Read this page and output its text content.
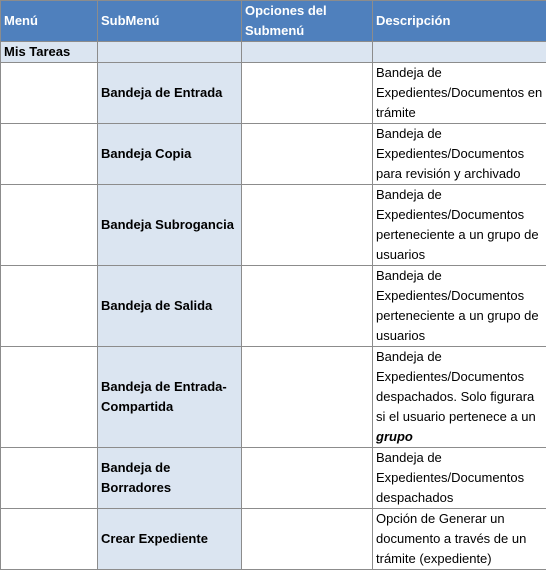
Menú	SubMenú	Opciones del Submenú	Descripción
Mis Tareas			
	Bandeja de Entrada		Bandeja de Expedientes/Documentos en trámite
	Bandeja Copia		Bandeja de Expedientes/Documentos para revisión y archivado
	Bandeja Subrogancia		Bandeja de Expedientes/Documentos perteneciente a un grupo de usuarios
	Bandeja de Salida		Bandeja de Expedientes/Documentos perteneciente a un grupo de usuarios
	Bandeja de Entrada-Compartida		Bandeja de Expedientes/Documentos despachados. Solo figurara si el usuario pertenece a un grupo
	Bandeja de Borradores		Bandeja de Expedientes/Documentos despachados
	Crear Expediente		Opción de Generar un documento a través de un trámite (expediente)
